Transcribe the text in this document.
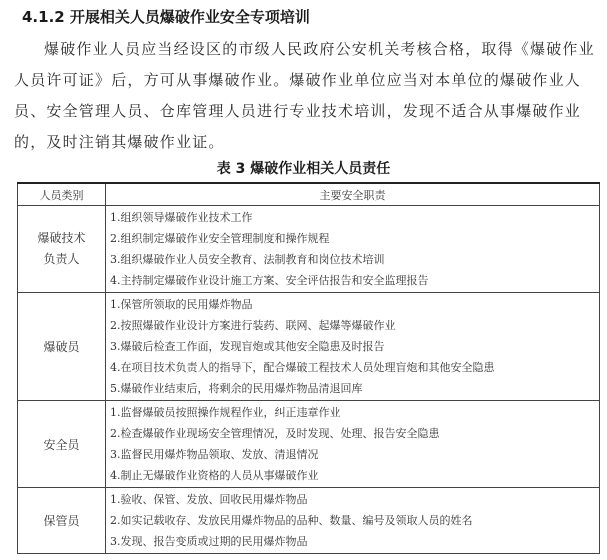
4.1.2 开展相关人员爆破作业安全专项培训
爆破作业人员应当经设区的市级人民政府公安机关考核合格，取得《爆破作业人员许可证》后，方可从事爆破作业。爆破作业单位应当对本单位的爆破作业人员、安全管理人员、仓库管理人员进行专业技术培训，发现不适合从事爆破作业的，及时注销其爆破作业证。
表 3 爆破作业相关人员责任
人员类别	主要安全职责

爆破技术负责人	1.组织领导爆破作业技术工作
2.组织制定爆破作业安全管理制度和操作规程
3.组织爆破作业人员安全教育、法制教育和岗位技术培训
4.主持制定爆破作业设计施工方案、安全评估报告和安全监理报告

爆破员	1.保管所领取的民用爆炸物品
2.按照爆破作业设计方案进行装药、联网、起爆等爆破作业
3.爆破后检查工作面，发现盲炮或其他安全隐患及时报告
4.在项目技术负责人的指导下，配合爆破工程技术人员处理盲炮和其他安全隐患
5.爆破作业结束后，将剩余的民用爆炸物品清退回库

安全员	1.监督爆破员按照操作规程作业，纠正违章作业
2.检查爆破作业现场安全管理情况，及时发现、处理、报告安全隐患
3.监督民用爆炸物品领取、发放、清退情况
4.制止无爆破作业资格的人员从事爆破作业

保管员	1.验收、保管、发放、回收民用爆炸物品
2.如实记载收存、发放民用爆炸物品的品种、数量、编号及领取人员的姓名
3.发现、报告变质或过期的民用爆炸物品
